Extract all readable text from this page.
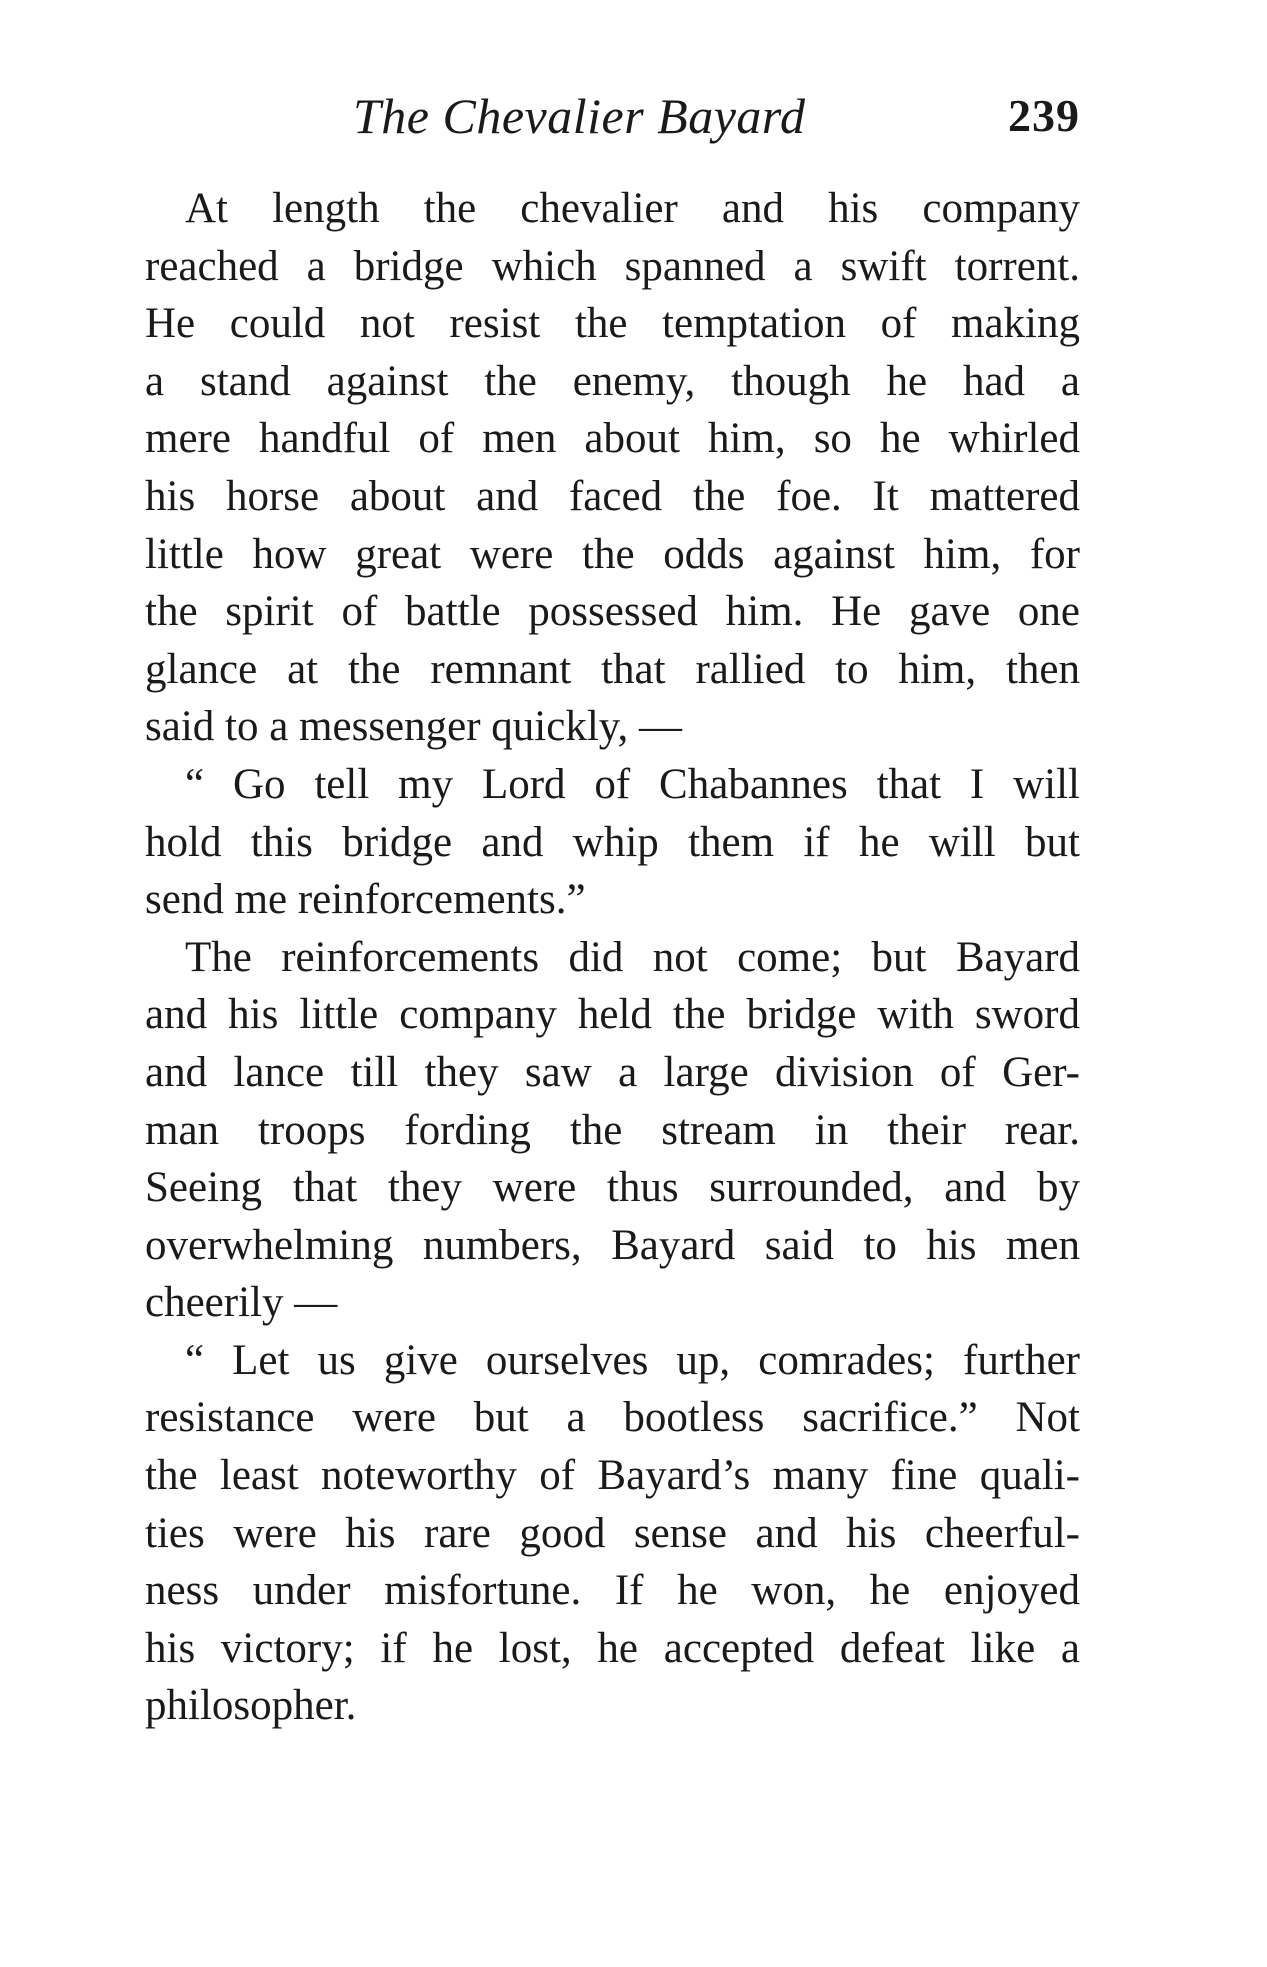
The Chevalier Bayard	239
At length the chevalier and his company
reached a bridge which spanned a swift torrent.
He could not resist the temptation of making
a stand against the enemy, though he had a
mere handful of men about him, so he whirled
his horse about and faced the foe. It mattered
little how great were the odds against him, for
the spirit of battle possessed him. He gave one
glance at the remnant that rallied to him, then
said to a messenger quickly, —
“ Go tell my Lord of Chabannes that I will
hold this bridge and whip them if he will but
send me reinforcements.”
The reinforcements did not come; but Bayard
and his little company held the bridge with sword
and lance till they saw a large division of Ger-
man troops fording the stream in their rear.
Seeing that they were thus surrounded, and by
overwhelming numbers, Bayard said to his men
cheerily —
“ Let us give ourselves up, comrades; further
resistance were but a bootless sacrifice.” Not
the least noteworthy of Bayard’s many fine quali-
ties were his rare good sense and his cheerful-
ness under misfortune. If he won, he enjoyed
his victory; if he lost, he accepted defeat like a
philosopher.
